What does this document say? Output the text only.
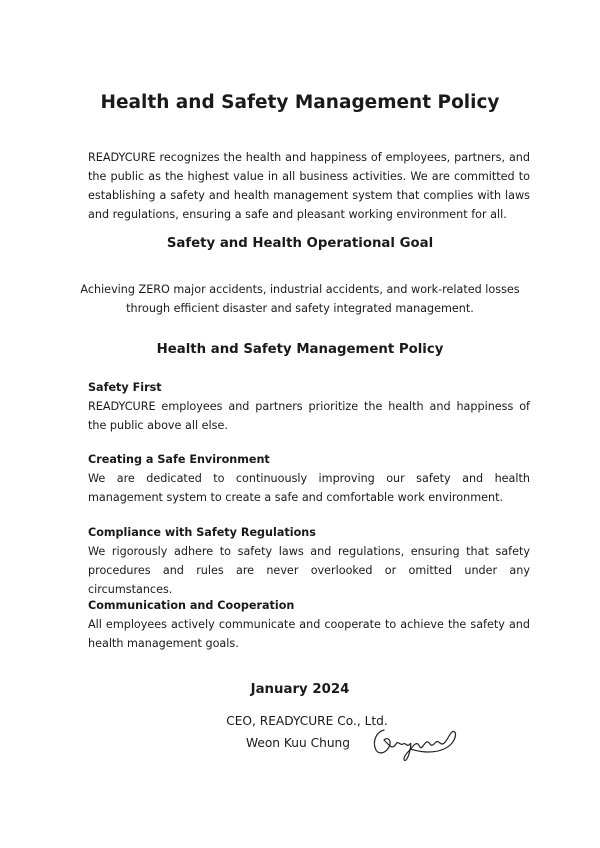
Health and Safety Management Policy

READYCURE recognizes the health and happiness of employees, partners, and the public as the highest value in all business activities. We are committed to establishing a safety and health management system that complies with laws and regulations, ensuring a safe and pleasant working environment for all.

Safety and Health Operational Goal

Achieving ZERO major accidents, industrial accidents, and work-related losses through efficient disaster and safety integrated management.

Health and Safety Management Policy
Safety First

READYCURE employees and partners prioritize the health and happiness of the public above all else.

Creating a Safe Environment

We are dedicated to continuously improving our safety and health management system to create a safe and comfortable work environment.

Compliance with Safety Regulations

We rigorously adhere to safety laws and regulations, ensuring that safety procedures and rules are never overlooked or omitted under any circumstances.

Communication and Cooperation

All employees actively communicate and cooperate to achieve the safety and health management goals.

January 2024
CEO, READYCURE Co., Ltd.
Weon Kuu Chung
